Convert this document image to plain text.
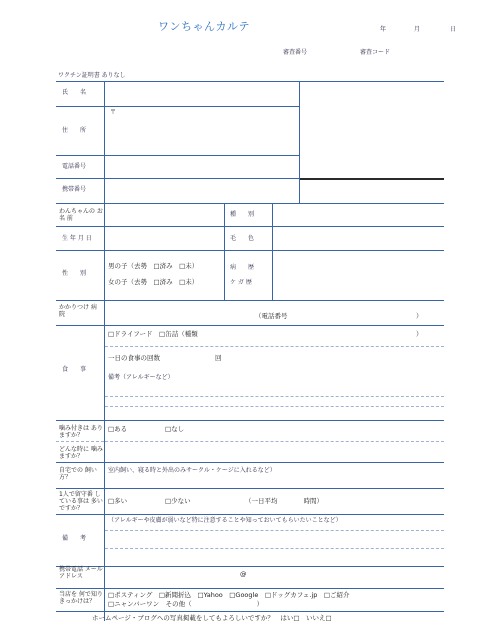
ワンちゃんカルテ	年	月	日
審査番号	審査コード
ワクチン証明書 ありなし
氏　　名
〒
住　　所
電話番号
携帯番号
わんちゃんの お 名 前
種　　別
生 年 月 日	毛　　色
性　　別
男の子（去勢　□済み　□未）
女の子（去勢　□済み　□未）
病　　歴
ケ ガ 歴
かかりつけ 病　　院	（電話番号	）
食　　事
□ドライフード　□缶詰（種類	）
一日の食事の回数	回
備考（アレルギーなど）
噛み付きは ありますか？
□ある	□なし
どんな時に 噛みますか？
自宅での 飼い方？
室内飼い、寝る時と外出のみサークル・ケージに入れるなど）
1人で留守番 している事は 多いですか？
□多い	□少ない	（一日平均　　　　時間）
備　　考
（アレルギーや皮膚が弱いなど特に注意することや知っておいてもらいたいことなど）
携帯電話 メール アドレス	@
当店を 何で知り きっかけは？
□ポスティング　□新聞折込　□Yahoo　□Google　□ドッグカフェ.jp　□ご紹介
□ニャンバーワン　その他（　　　　　　　　　　）
ホームページ・ブログへの写真掲載をしてもよろしいですか？　はい□　いいえ□
